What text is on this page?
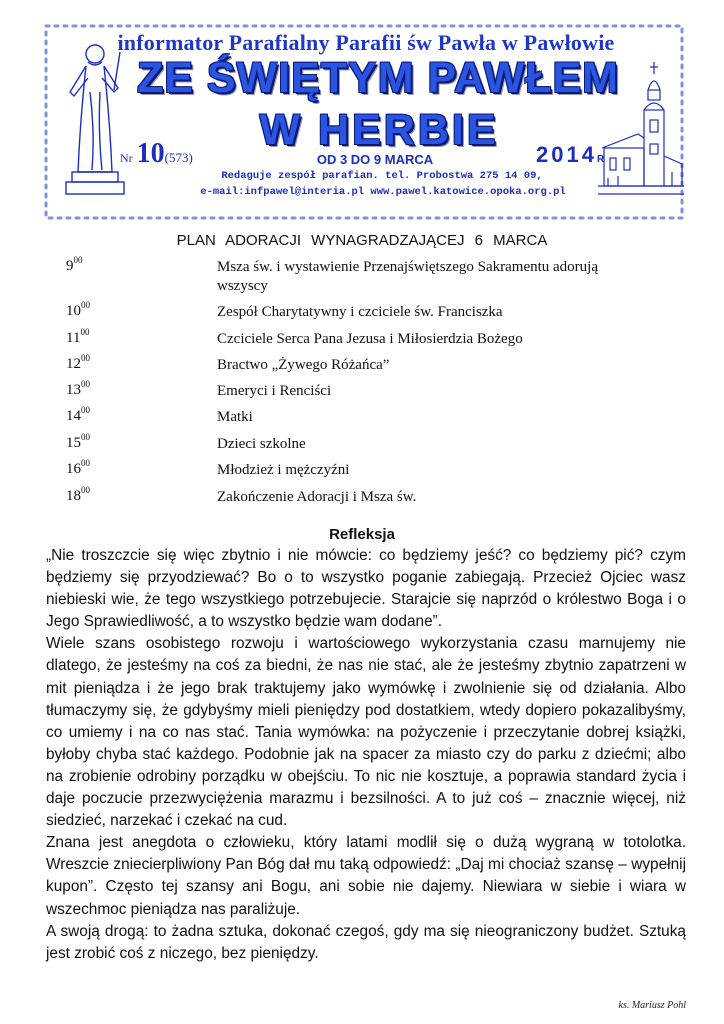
informator Parafialny Parafii św Pawła w Pawłowie
ZE ŚWIĘTYM PAWŁEM
W HERBIE
Nr 10(573)	OD 3 DO 9 MARCA	2014R
Redaguje zespół parafian. tel. Probostwa 275 14 09,
e-mail:infpawel@interia.pl www.pawel.katowice.opoka.org.pl
PLAN ADORACJI WYNAGRADZAJĄCEJ 6 MARCA
$9^{00}$	Msza św. i wystawienie Przenajświętszego Sakramentu adorują wszyscy
$10^{00}$	Zespół Charytatywny i czciciele św. Franciszka
$11^{00}$	Czciciele Serca Pana Jezusa i Miłosierdzia Bożego
$12^{00}$	Bractwo „Żywego Różańca”
$13^{00}$	Emeryci i Renciści
$14^{00}$	Matki
$15^{00}$	Dzieci szkolne
$16^{00}$	Młodzież i mężczyźni
$18^{00}$	Zakończenie Adoracji i Msza św.
Refleksja

„Nie troszczcie się więc zbytnio i nie mówcie: co będziemy jeść? co będziemy pić? czym będziemy się przyodziewać? Bo o to wszystko poganie zabiegają. Przecież Ojciec wasz niebieski wie, że tego wszystkiego potrzebujecie. Starajcie się naprzód o królestwo Boga i o Jego Sprawiedliwość, a to wszystko będzie wam dodane”.

Wiele szans osobistego rozwoju i wartościowego wykorzystania czasu marnujemy nie dlatego, że jesteśmy na coś za biedni, że nas nie stać, ale że jesteśmy zbytnio zapatrzeni w mit pieniądza i że jego brak traktujemy jako wymówkę i zwolnienie się od działania. Albo tłumaczymy się, że gdybyśmy mieli pieniędzy pod dostatkiem, wtedy dopiero pokazalibyśmy, co umiemy i na co nas stać. Tania wymówka: na pożyczenie i przeczytanie dobrej książki, byłoby chyba stać każdego. Podobnie jak na spacer za miasto czy do parku z dziećmi; albo na zrobienie odrobiny porządku w obejściu. To nic nie kosztuje, a poprawia standard życia i daje poczucie przezwyciężenia marazmu i bezsilności. A to już coś – znacznie więcej, niż siedzieć, narzekać i czekać na cud.

Znana jest anegdota o człowieku, który latami modlił się o dużą wygraną w totolotka. Wreszcie zniecierpliwiony Pan Bóg dał mu taką odpowiedź: „Daj mi chociaż szansę – wypełnij kupon”. Często tej szansy ani Bogu, ani sobie nie dajemy. Niewiara w siebie i wiara w wszechmoc pieniądza nas paraliżuje.

A swoją drogą: to żadna sztuka, dokonać czegoś, gdy ma się nieograniczony budżet. Sztuką jest zrobić coś z niczego, bez pieniędzy.

ks. Mariusz Pohl
